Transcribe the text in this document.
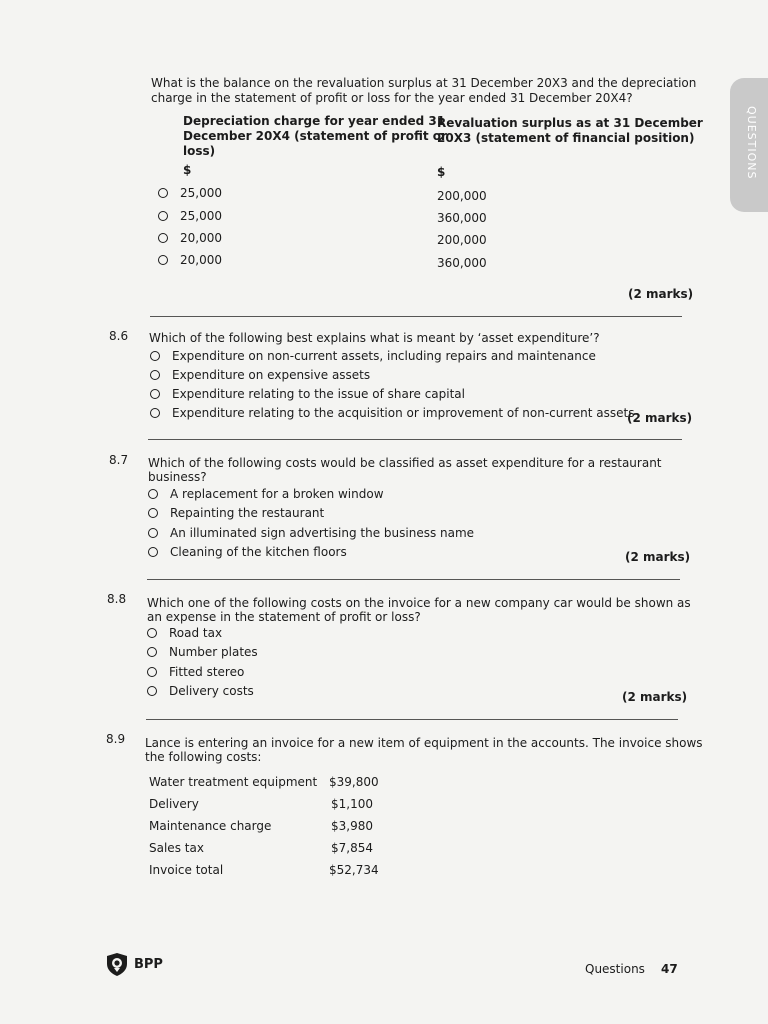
QUESTIONS
What is the balance on the revaluation surplus at 31 December 20X3 and the depreciation
charge in the statement of profit or loss for the year ended 31 December 20X4?
Depreciation charge for year ended 31
December 20X4 (statement of profit or
loss)
Revaluation surplus as at 31 December
20X3 (statement of financial position)
$	$
25,000	200,000
25,000	360,000
20,000	200,000
20,000	360,000
(2 marks)
8.6 Which of the following best explains what is meant by ‘asset expenditure’?
Expenditure on non-current assets, including repairs and maintenance
Expenditure on expensive assets
Expenditure relating to the issue of share capital
Expenditure relating to the acquisition or improvement of non-current assets
(2 marks)
8.7 Which of the following costs would be classified as asset expenditure for a restaurant
business?
A replacement for a broken window
Repainting the restaurant
An illuminated sign advertising the business name
Cleaning of the kitchen floors	(2 marks)
8.8 Which one of the following costs on the invoice for a new company car would be shown as
an expense in the statement of profit or loss?
Road tax
Number plates
Fitted stereo
Delivery costs	(2 marks)
8.9 Lance is entering an invoice for a new item of equipment in the accounts. The invoice shows
the following costs:
Water treatment equipment $39,800
Delivery	$1,100
Maintenance charge	$3,980
Sales tax	$7,854
Invoice total	$52,734
BPP	Questions 47
